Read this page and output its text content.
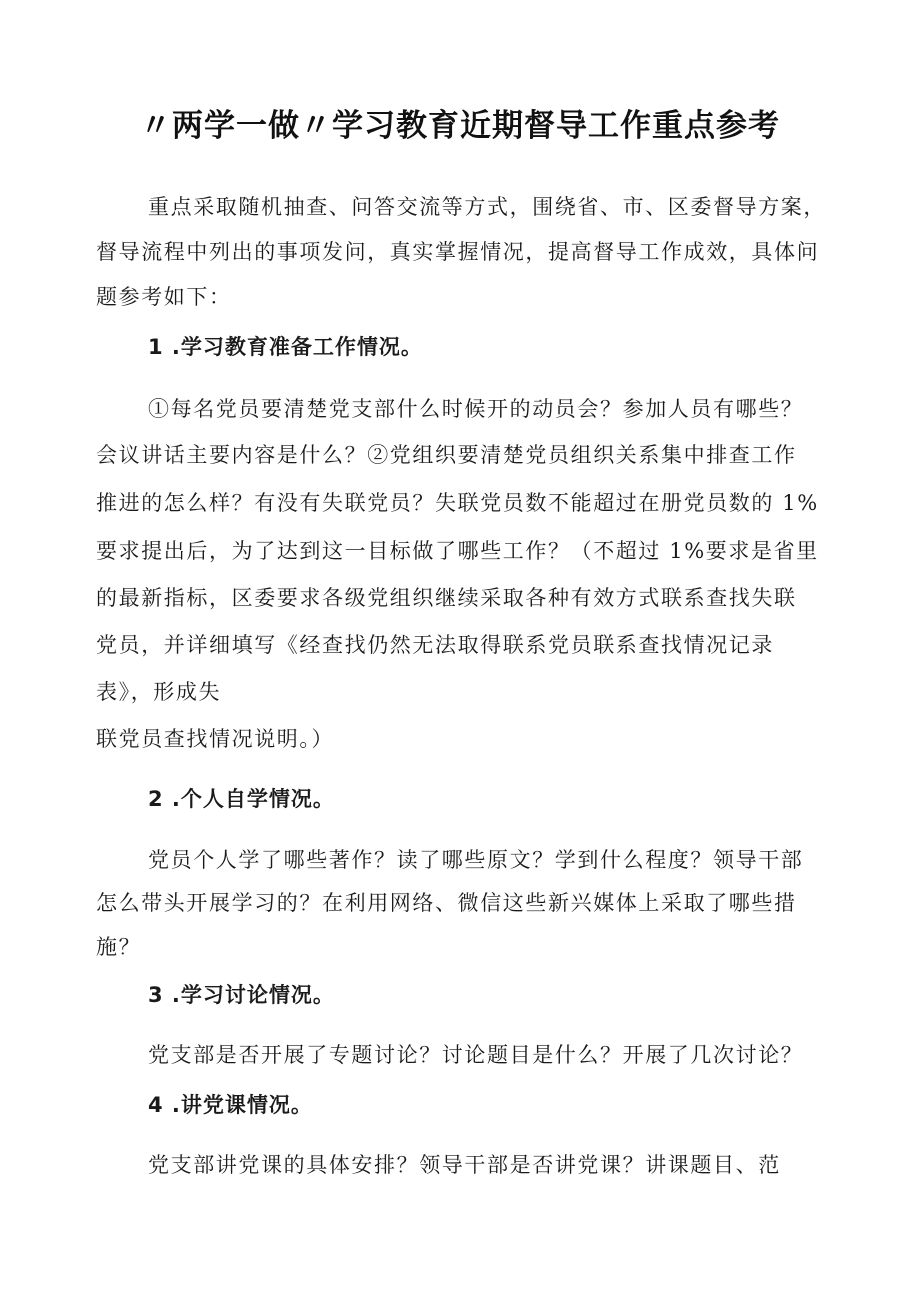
〃两学一做〃学习教育近期督导工作重点参考
重点采取随机抽查、问答交流等方式，围绕省、市、区委督导方案，
督导流程中列出的事项发问，真实掌握情况，提高督导工作成效，具体问
题参考如下：
1 .学习教育准备工作情况。
①每名党员要清楚党支部什么时候开的动员会？参加人员有哪些？
会议讲话主要内容是什么？②党组织要清楚党员组织关系集中排查工作
推进的怎么样？有没有失联党员？失联党员数不能超过在册党员数的 1%
要求提出后，为了达到这一目标做了哪些工作？（不超过 1%要求是省里
的最新指标，区委要求各级党组织继续采取各种有效方式联系查找失联
党员，并详细填写《经查找仍然无法取得联系党员联系查找情况记录
表》，形成失
联党员查找情况说明。）
2 .个人自学情况。
党员个人学了哪些著作？读了哪些原文？学到什么程度？领导干部
怎么带头开展学习的？在利用网络、微信这些新兴媒体上采取了哪些措
施？
3 .学习讨论情况。
党支部是否开展了专题讨论？讨论题目是什么？开展了几次讨论？
4 .讲党课情况。
党支部讲党课的具体安排？领导干部是否讲党课？讲课题目、范
